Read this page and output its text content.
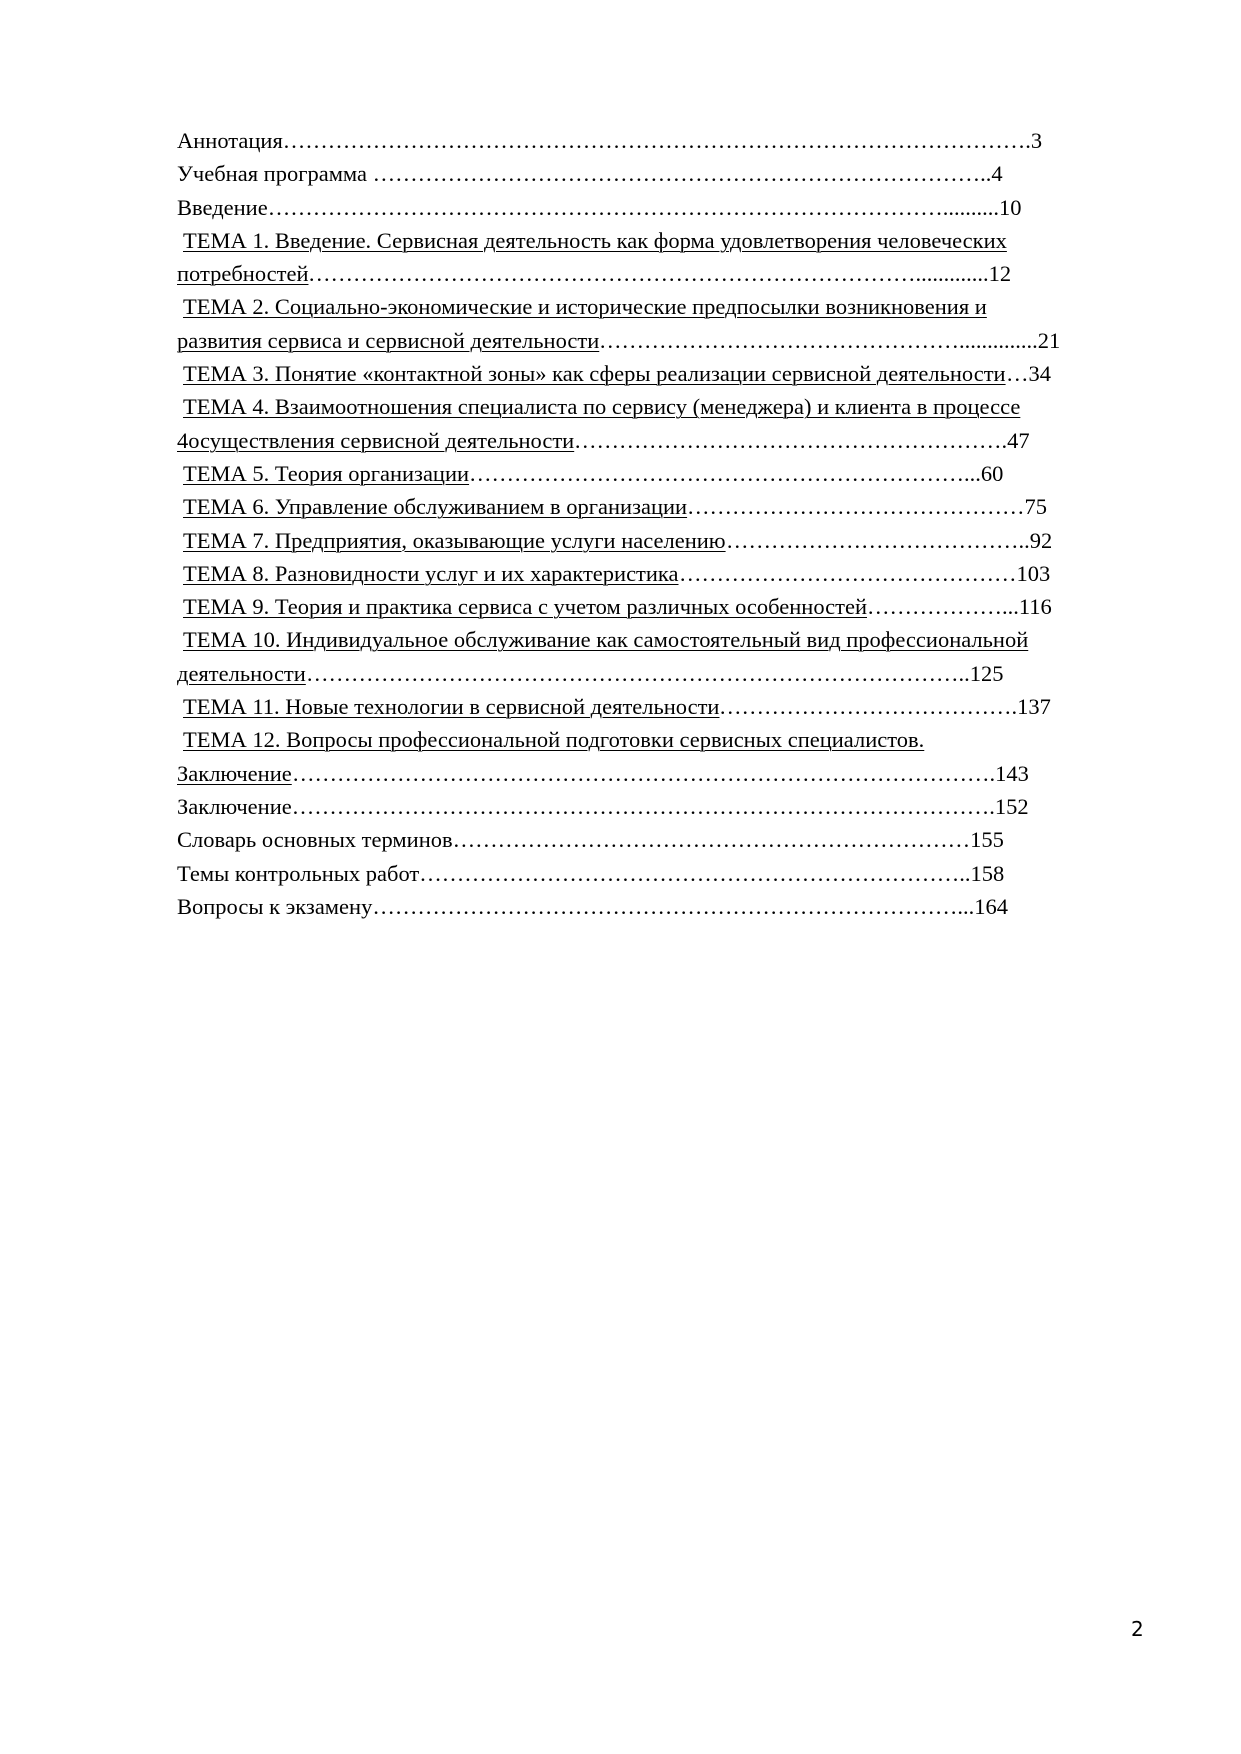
Аннотация……………………………………………………………………………………….3
Учебная программа ………………………………………………………………………..4
Введение………………………………………………………………………………..........10
ТЕМА 1. Введение. Сервисная деятельность как форма удовлетворения человеческих
потребностей ……………………………………………………………………….............12
ТЕМА 2. Социально-экономические и исторические предпосылки возникновения и
развития сервиса и сервисной деятельности …………………………………………..............21
ТЕМА 3. Понятие «контактной зоны» как сферы реализации сервисной деятельности …34
ТЕМА 4. Взаимоотношения специалиста по сервису (менеджера) и клиента в процессе
4осуществления сервисной деятельности ………………………………………………….47
ТЕМА 5. Теория организации …………………………………………………………...60
ТЕМА 6. Управление обслуживанием в организации ………………………………………75
ТЕМА 7. Предприятия, оказывающие услуги населению …………………………………..92
ТЕМА 8. Разновидности услуг и их характеристика ………………………………………103
ТЕМА 9. Теория и практика сервиса с учетом различных особенностей ………………...116
ТЕМА 10. Индивидуальное обслуживание как самостоятельный вид профессиональной
деятельности ……………………………………………………………………………..125
ТЕМА 11. Новые технологии в сервисной деятельности ………………………………….137
ТЕМА 12. Вопросы профессиональной подготовки сервисных специалистов.
Заключение ………………………………………………………………………………….143
Заключение………………………………………………………………………………….152
Словарь основных терминов……………………………………………………………155
Темы контрольных работ………………………………………………………………..158
Вопросы к экзамену……………………………………………………………………...164
2
